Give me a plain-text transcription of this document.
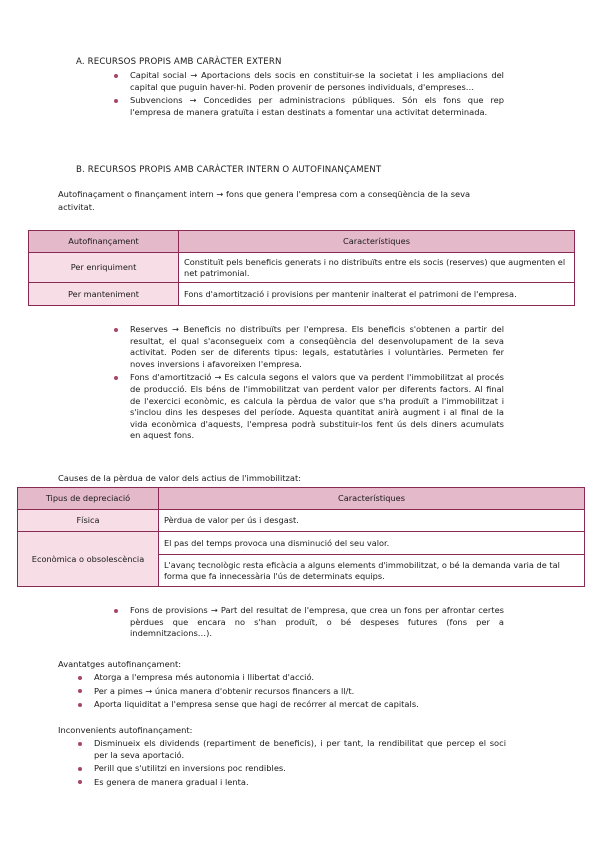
A. RECURSOS PROPIS AMB CARÀCTER EXTERN
Capital social → Aportacions dels socis en constituir-se la societat i les ampliacions del capital que puguin haver-hi. Poden provenir de persones individuals, d'empreses…
Subvencions → Concedides per administracions públiques. Són els fons que rep l'empresa de manera gratuïta i estan destinats a fomentar una activitat determinada.
B. RECURSOS PROPIS AMB CARÀCTER INTERN O AUTOFINANÇAMENT
Autofinaçament o finançament intern → fons que genera l'empresa com a conseqüència de la seva activitat.
Autofinançament	Característiques
Per enriquiment	Constituït pels beneficis generats i no distribuïts entre els socis (reserves) que augmenten el net patrimonial.
Per manteniment	Fons d'amortització i provisions per mantenir inalterat el patrimoni de l'empresa.
Reserves → Beneficis no distribuïts per l'empresa. Els beneficis s'obtenen a partir del resultat, el qual s'aconsegueix com a conseqüència del desenvolupament de la seva activitat. Poden ser de diferents tipus: legals, estatutàries i voluntàries. Permeten fer noves inversions i afavoreixen l'empresa.
Fons d'amortització → Es calcula segons el valors que va perdent l'immobilitzat al procés de producció. Els béns de l'immobilitzat van perdent valor per diferents factors. Al final de l'exercici econòmic, es calcula la pèrdua de valor que s'ha produït a l'immobilitzat i s'inclou dins les despeses del període. Aquesta quantitat anirà augment i al final de la vida econòmica d'aquests, l'empresa podrà substituir-los fent ús dels diners acumulats en aquest fons.
Causes de la pèrdua de valor dels actius de l'immobilitzat:
Tipus de depreciació	Característiques
Física	Pèrdua de valor per ús i desgast.
Econòmica o obsolescència	El pas del temps provoca una disminució del seu valor.
	L'avanç tecnològic resta eficàcia a alguns elements d'immobilitzat, o bé la demanda varia de tal forma que fa innecessària l'ús de determinats equips.
Fons de provisions → Part del resultat de l'empresa, que crea un fons per afrontar certes pèrdues que encara no s'han produït, o bé despeses futures (fons per a indemnitzacions…).
Avantatges autofinançament:
Atorga a l'empresa més autonomia i llibertat d'acció.
Per a pimes → única manera d'obtenir recursos financers a ll/t.
Aporta liquiditat a l'empresa sense que hagi de recórrer al mercat de capitals.
Inconvenients autofinançament:
Disminueix els dividends (repartiment de beneficis), i per tant, la rendibilitat que percep el soci per la seva aportació.
Perill que s'utilitzi en inversions poc rendibles.
Es genera de manera gradual i lenta.
